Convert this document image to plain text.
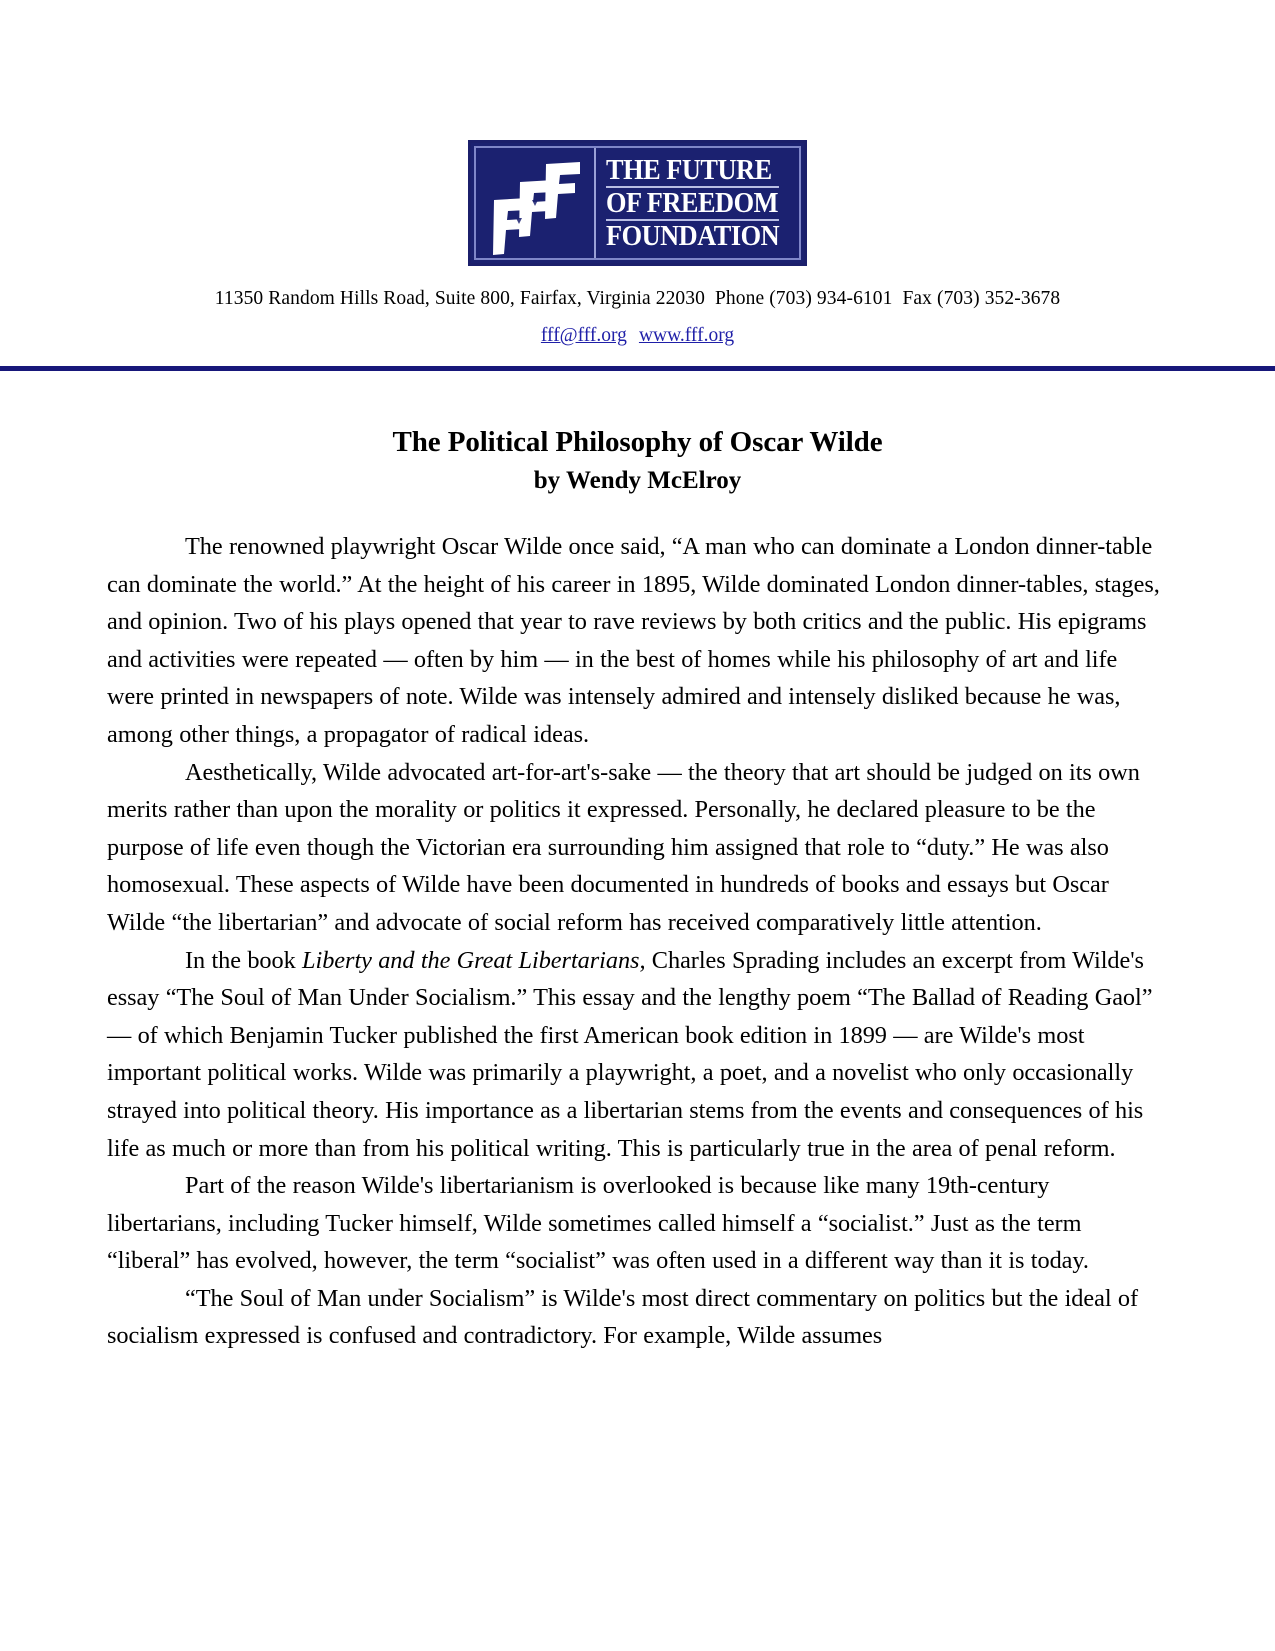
THE FUTURE
OF FREEDOM
FOUNDATION
11350 Random Hills Road, Suite 800, Fairfax, Virginia 22030 Phone (703) 934-6101 Fax (703) 352-3678
fff@fff.org www.fff.org
The Political Philosophy of Oscar Wilde
by Wendy McElroy

The renowned playwright Oscar Wilde once said, “A man who can dominate a London dinner-table can dominate the world.” At the height of his career in 1895, Wilde dominated London dinner-tables, stages, and opinion. Two of his plays opened that year to rave reviews by both critics and the public. His epigrams and activities were repeated — often by him — in the best of homes while his philosophy of art and life were printed in newspapers of note. Wilde was intensely admired and intensely disliked because he was, among other things, a propagator of radical ideas.

Aesthetically, Wilde advocated art-for-art's-sake — the theory that art should be judged on its own merits rather than upon the morality or politics it expressed. Personally, he declared pleasure to be the purpose of life even though the Victorian era surrounding him assigned that role to “duty.” He was also homosexual. These aspects of Wilde have been documented in hundreds of books and essays but Oscar Wilde “the libertarian” and advocate of social reform has received comparatively little attention.

In the book Liberty and the Great Libertarians, Charles Sprading includes an excerpt from Wilde's essay “The Soul of Man Under Socialism.” This essay and the lengthy poem “The Ballad of Reading Gaol” — of which Benjamin Tucker published the first American book edition in 1899 — are Wilde's most important political works. Wilde was primarily a playwright, a poet, and a novelist who only occasionally strayed into political theory. His importance as a libertarian stems from the events and consequences of his life as much or more than from his political writing. This is particularly true in the area of penal reform.

Part of the reason Wilde's libertarianism is overlooked is because like many 19th-century libertarians, including Tucker himself, Wilde sometimes called himself a “socialist.” Just as the term “liberal” has evolved, however, the term “socialist” was often used in a different way than it is today.

“The Soul of Man under Socialism” is Wilde's most direct commentary on politics but the ideal of socialism expressed is confused and contradictory. For example, Wilde assumes
